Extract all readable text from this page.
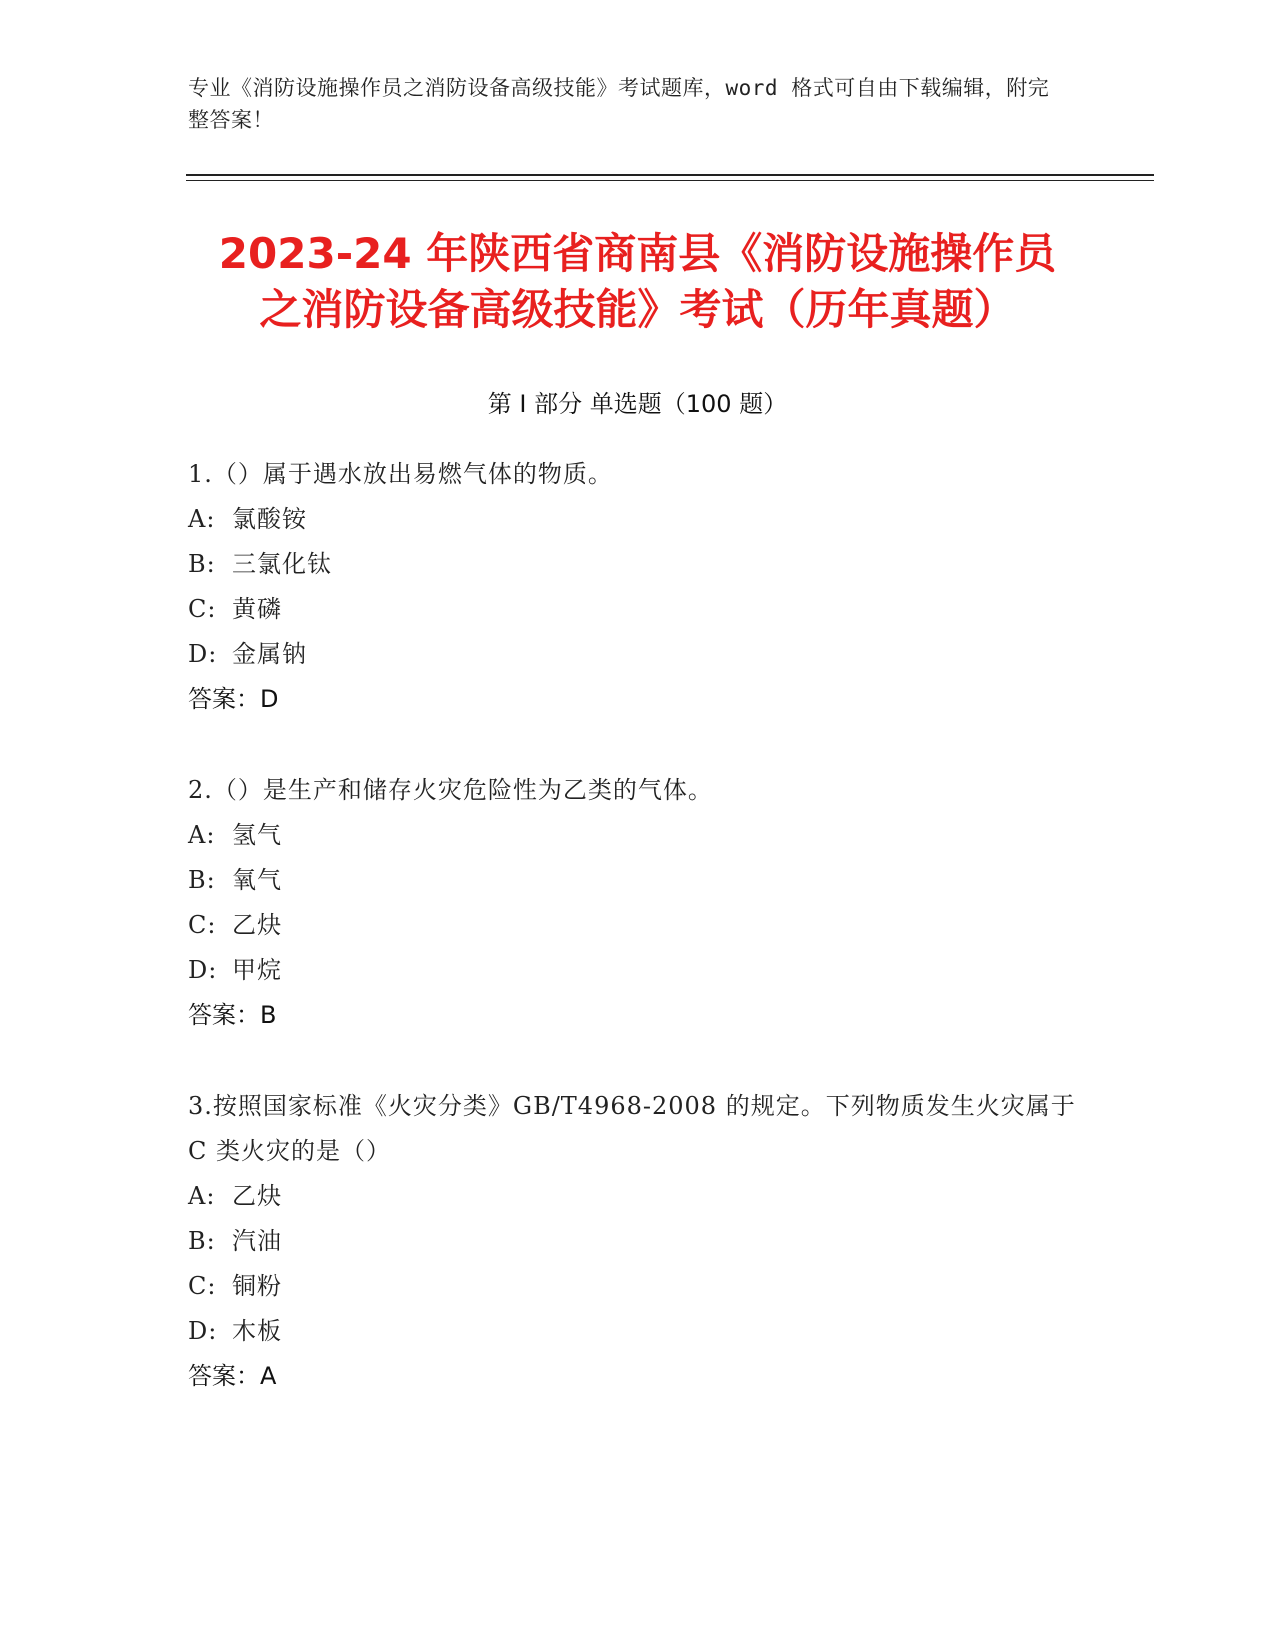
专业《消防设施操作员之消防设备高级技能》考试题库，word 格式可自由下载编辑，附完整答案！
2023-24 年陕西省商南县《消防设施操作员
之消防设备高级技能》考试（历年真题）
第 I 部分 单选题（100 题）
1.（）属于遇水放出易燃气体的物质。
A: 氯酸铵
B: 三氯化钛
C: 黄磷
D: 金属钠
答案：D
2.（）是生产和储存火灾危险性为乙类的气体。
A: 氢气
B: 氧气
C: 乙炔
D: 甲烷
答案：B
3.按照国家标准《火灾分类》GB/T4968-2008 的规定。下列物质发生火灾属于 C 类火灾的是（）
A: 乙炔
B: 汽油
C: 铜粉
D: 木板
答案：A
